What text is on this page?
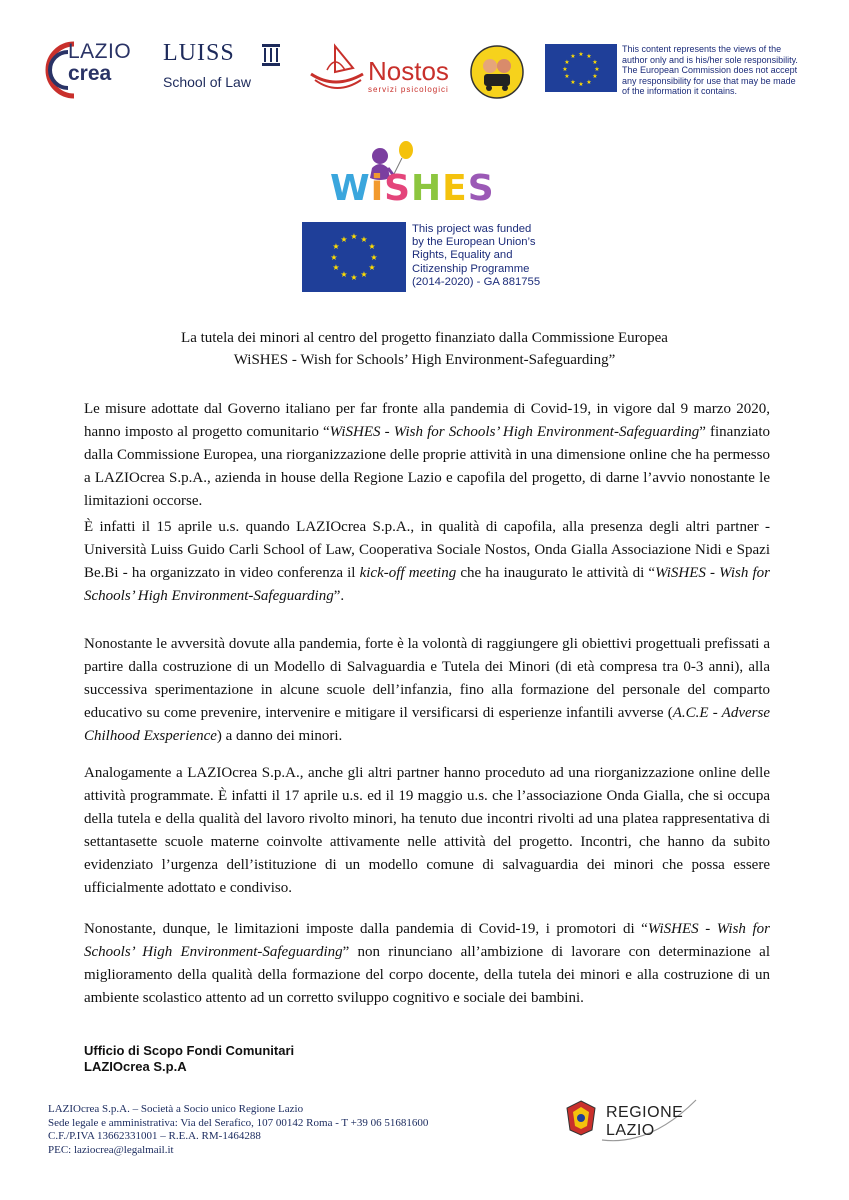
LAZIO
crea
LUISS
School of Law	Nostos
servizi psicologici
★ ★
★
★
★
★
★
★
★
★
★
★
This content represents the views of the author only and is his/her sole responsibility. The European Commission does not accept any responsibility for use that may be made of the information it contains.
WiSHES
★ ★
★
★
★
★
★
★
★
★
★
★
This project was funded
by the European Union’s
Rights, Equality and
Citizenship Programme
(2014-2020) - GA 881755
La tutela dei minori al centro del progetto finanziato dalla Commissione Europea
WiSHES - Wish for Schools’ High Environment-Safeguarding”
Le misure adottate dal Governo italiano per far fronte alla pandemia di Covid-19, in vigore dal 9 marzo 2020, hanno imposto al progetto comunitario “WiSHES - Wish for Schools’ High Environment-Safeguarding” finanziato dalla Commissione Europea, una riorganizzazione delle proprie attività in una dimensione online che ha permesso a LAZIOcrea S.p.A., azienda in house della Regione Lazio e capofila del progetto, di darne l’avvio nonostante le limitazioni occorse.
È infatti il 15 aprile u.s. quando LAZIOcrea S.p.A., in qualità di capofila, alla presenza degli altri partner - Università Luiss Guido Carli School of Law, Cooperativa Sociale Nostos, Onda Gialla Associazione Nidi e Spazi Be.Bi - ha organizzato in video conferenza il kick-off meeting che ha inaugurato le attività di “WiSHES - Wish for Schools’ High Environment-Safeguarding”.
Nonostante le avversità dovute alla pandemia, forte è la volontà di raggiungere gli obiettivi progettuali prefissati a partire dalla costruzione di un Modello di Salvaguardia e Tutela dei Minori (di età compresa tra 0-3 anni), alla successiva sperimentazione in alcune scuole dell’infanzia, fino alla formazione del personale del comparto educativo su come prevenire, intervenire e mitigare il versificarsi di esperienze infantili avverse (A.C.E - Adverse Chilhood Exsperience) a danno dei minori.
Analogamente a LAZIOcrea S.p.A., anche gli altri partner hanno proceduto ad una riorganizzazione online delle attività programmate. È infatti il 17 aprile u.s. ed il 19 maggio u.s. che l’associazione Onda Gialla, che si occupa della tutela e della qualità del lavoro rivolto minori, ha tenuto due incontri rivolti ad una platea rappresentativa di settantasette scuole materne coinvolte attivamente nelle attività del progetto. Incontri, che hanno da subito evidenziato l’urgenza dell’istituzione di un modello comune di salvaguardia dei minori che possa essere ufficialmente adottato e condiviso.
Nonostante, dunque, le limitazioni imposte dalla pandemia di Covid-19, i promotori di “WiSHES - Wish for Schools’ High Environment-Safeguarding” non rinunciano all’ambizione di lavorare con determinazione al miglioramento della qualità della formazione del corpo docente, della tutela dei minori e alla costruzione di un ambiente scolastico attento ad un corretto sviluppo cognitivo e sociale dei bambini.
Ufficio di Scopo Fondi Comunitari
LAZIOcrea S.p.A
LAZIOcrea S.p.A. – Società a Socio unico Regione Lazio
Sede legale e amministrativa: Via del Serafico, 107 00142 Roma - T +39 06 51681600
C.F./P.IVA 13662331001 – R.E.A. RM-1464288
PEC: laziocrea@legalmail.it
REGIONE
LAZIO
